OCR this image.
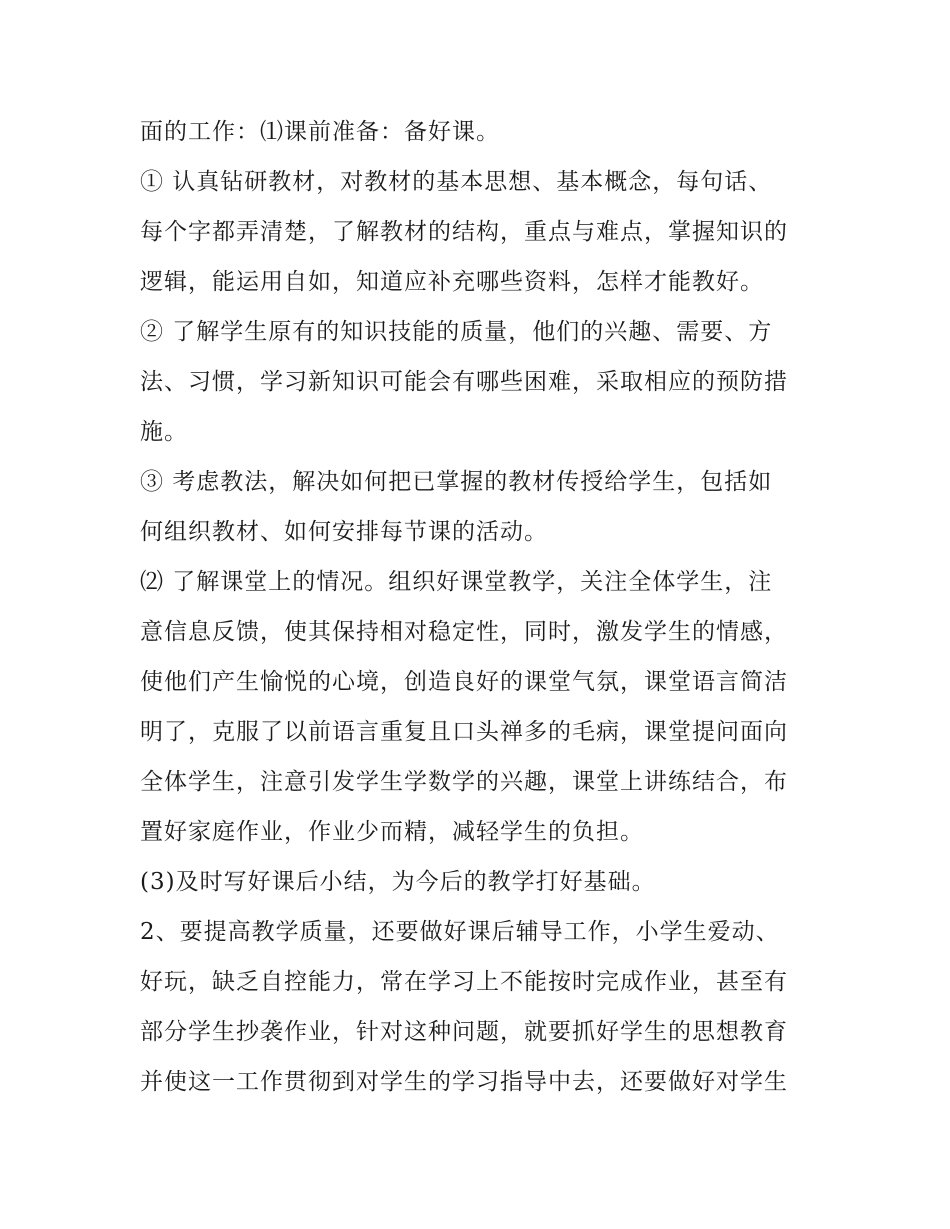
面的工作：⑴课前准备：备好课。
① 认真钻研教材，对教材的基本思想、基本概念，每句话、
每个字都弄清楚，了解教材的结构，重点与难点，掌握知识的
逻辑，能运用自如，知道应补充哪些资料，怎样才能教好。
② 了解学生原有的知识技能的质量，他们的兴趣、需要、方
法、习惯，学习新知识可能会有哪些困难，采取相应的预防措
施。
③ 考虑教法，解决如何把已掌握的教材传授给学生，包括如
何组织教材、如何安排每节课的活动。
⑵ 了解课堂上的情况。组织好课堂教学，关注全体学生，注
意信息反馈，使其保持相对稳定性，同时，激发学生的情感，
使他们产生愉悦的心境，创造良好的课堂气氛，课堂语言简洁
明了，克服了以前语言重复且口头禅多的毛病，课堂提问面向
全体学生，注意引发学生学数学的兴趣，课堂上讲练结合，布
置好家庭作业，作业少而精，减轻学生的负担。
(3)及时写好课后小结，为今后的教学打好基础。
2、要提高教学质量，还要做好课后辅导工作，小学生爱动、
好玩，缺乏自控能力，常在学习上不能按时完成作业，甚至有
部分学生抄袭作业，针对这种问题，就要抓好学生的思想教育
并使这一工作贯彻到对学生的学习指导中去，还要做好对学生
